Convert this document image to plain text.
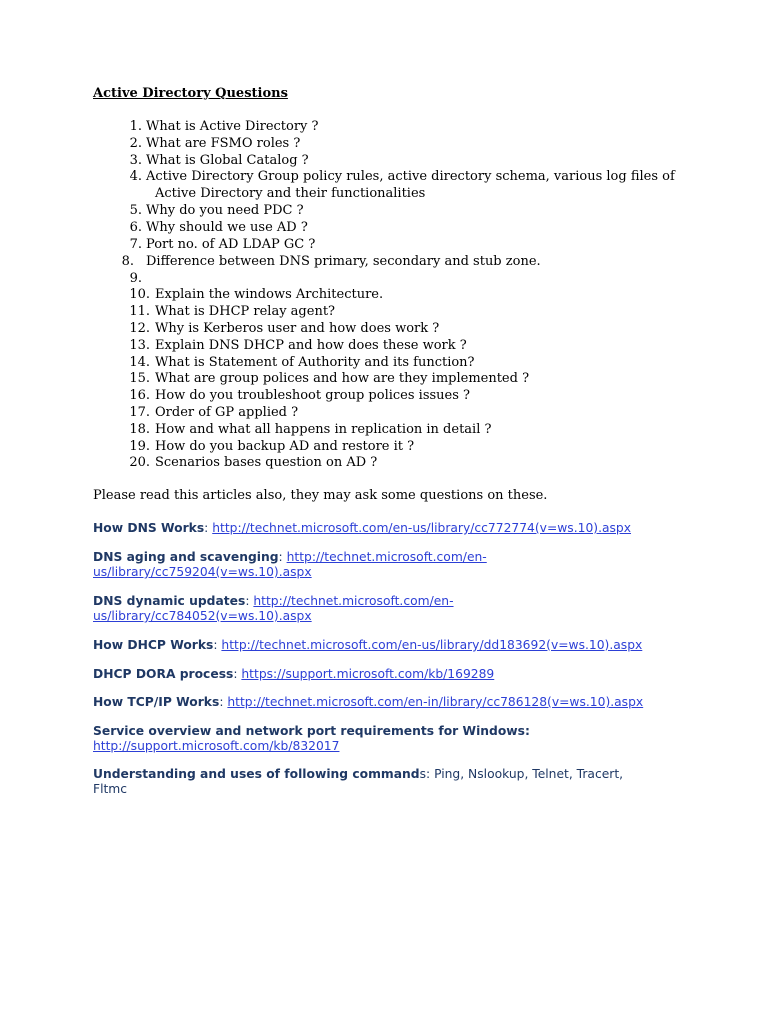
Active Directory Questions
1. What is Active Directory ?
2. What are FSMO roles ?
3. What is Global Catalog ?
4. Active Directory Group policy rules, active directory schema, various log files of
Active Directory and their functionalities
5. Why do you need PDC ?
6. Why should we use AD ?
7. Port no. of AD LDAP GC ?
8. Difference between DNS primary, secondary and stub zone.
9.
10. Explain the windows Architecture.
11. What is DHCP relay agent?
12. Why is Kerberos user and how does work ?
13. Explain DNS DHCP and how does these work ?
14. What is Statement of Authority and its function?
15. What are group polices and how are they implemented ?
16. How do you troubleshoot group polices issues ?
17. Order of GP applied ?
18. How and what all happens in replication in detail ?
19. How do you backup AD and restore it ?
20. Scenarios bases question on AD ?
Please read this articles also, they may ask some questions on these.
How DNS Works: http://technet.microsoft.com/en-us/library/cc772774(v=ws.10).aspx
DNS aging and scavenging: http://technet.microsoft.com/en-
us/library/cc759204(v=ws.10).aspx
DNS dynamic updates: http://technet.microsoft.com/en-
us/library/cc784052(v=ws.10).aspx
How DHCP Works: http://technet.microsoft.com/en-us/library/dd183692(v=ws.10).aspx
DHCP DORA process: https://support.microsoft.com/kb/169289
How TCP/IP Works: http://technet.microsoft.com/en-in/library/cc786128(v=ws.10).aspx
Service overview and network port requirements for Windows:
http://support.microsoft.com/kb/832017
Understanding and uses of following commands: Ping, Nslookup, Telnet, Tracert,
Fltmc
